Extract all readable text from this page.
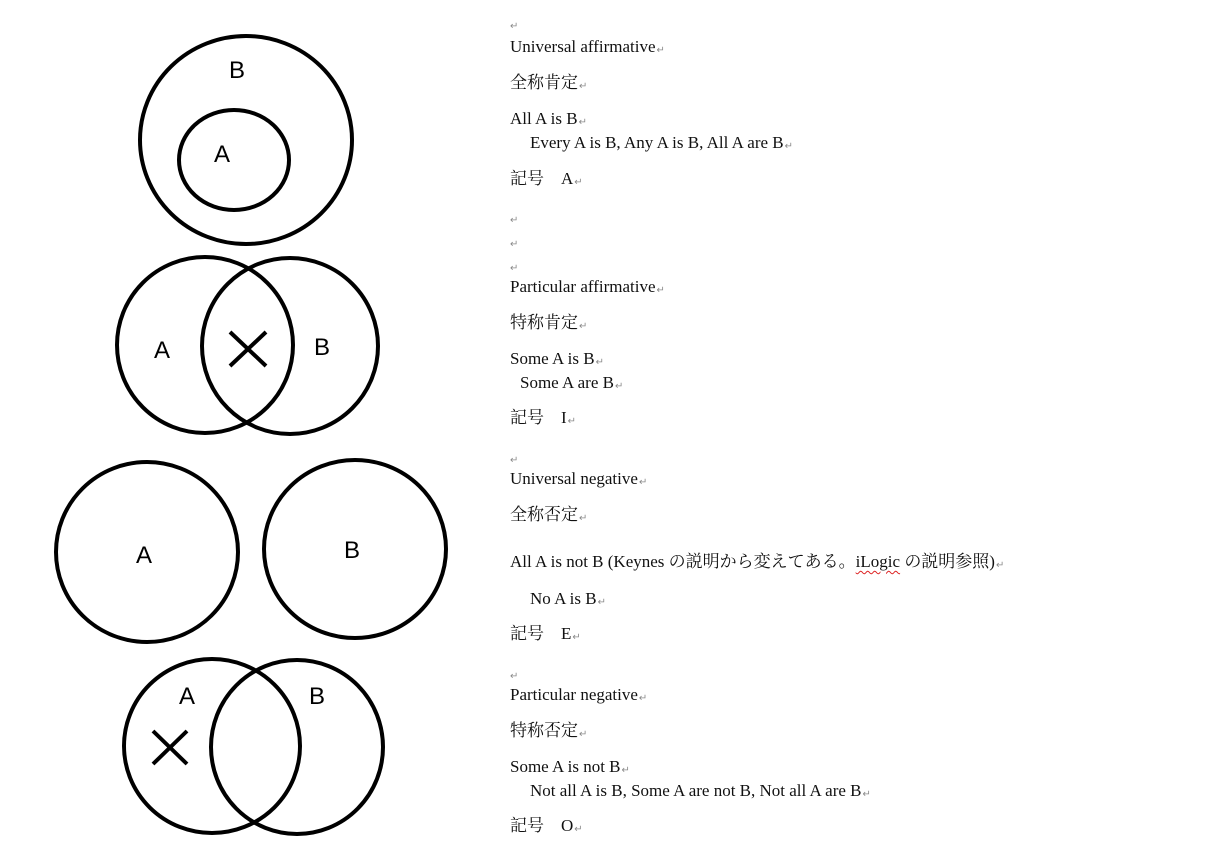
B
A
A	B
A	B
A	B
↵
Universal affirmative↵
全称肯定↵
All A is B↵
Every A is B, Any A is B, All A are B↵
記号　A↵
↵
↵
↵
Particular affirmative↵
特称肯定↵
Some A is B↵
Some A are B↵
記号　I↵
↵
Universal negative↵
全称否定↵
All A is not B (Keynes の説明から変えてある。iLogic の説明参照)↵
No A is B↵
記号　E↵
↵
Particular negative↵
特称否定↵
Some A is not B↵
Not all A is B, Some A are not B, Not all A are B↵
記号　O↵
